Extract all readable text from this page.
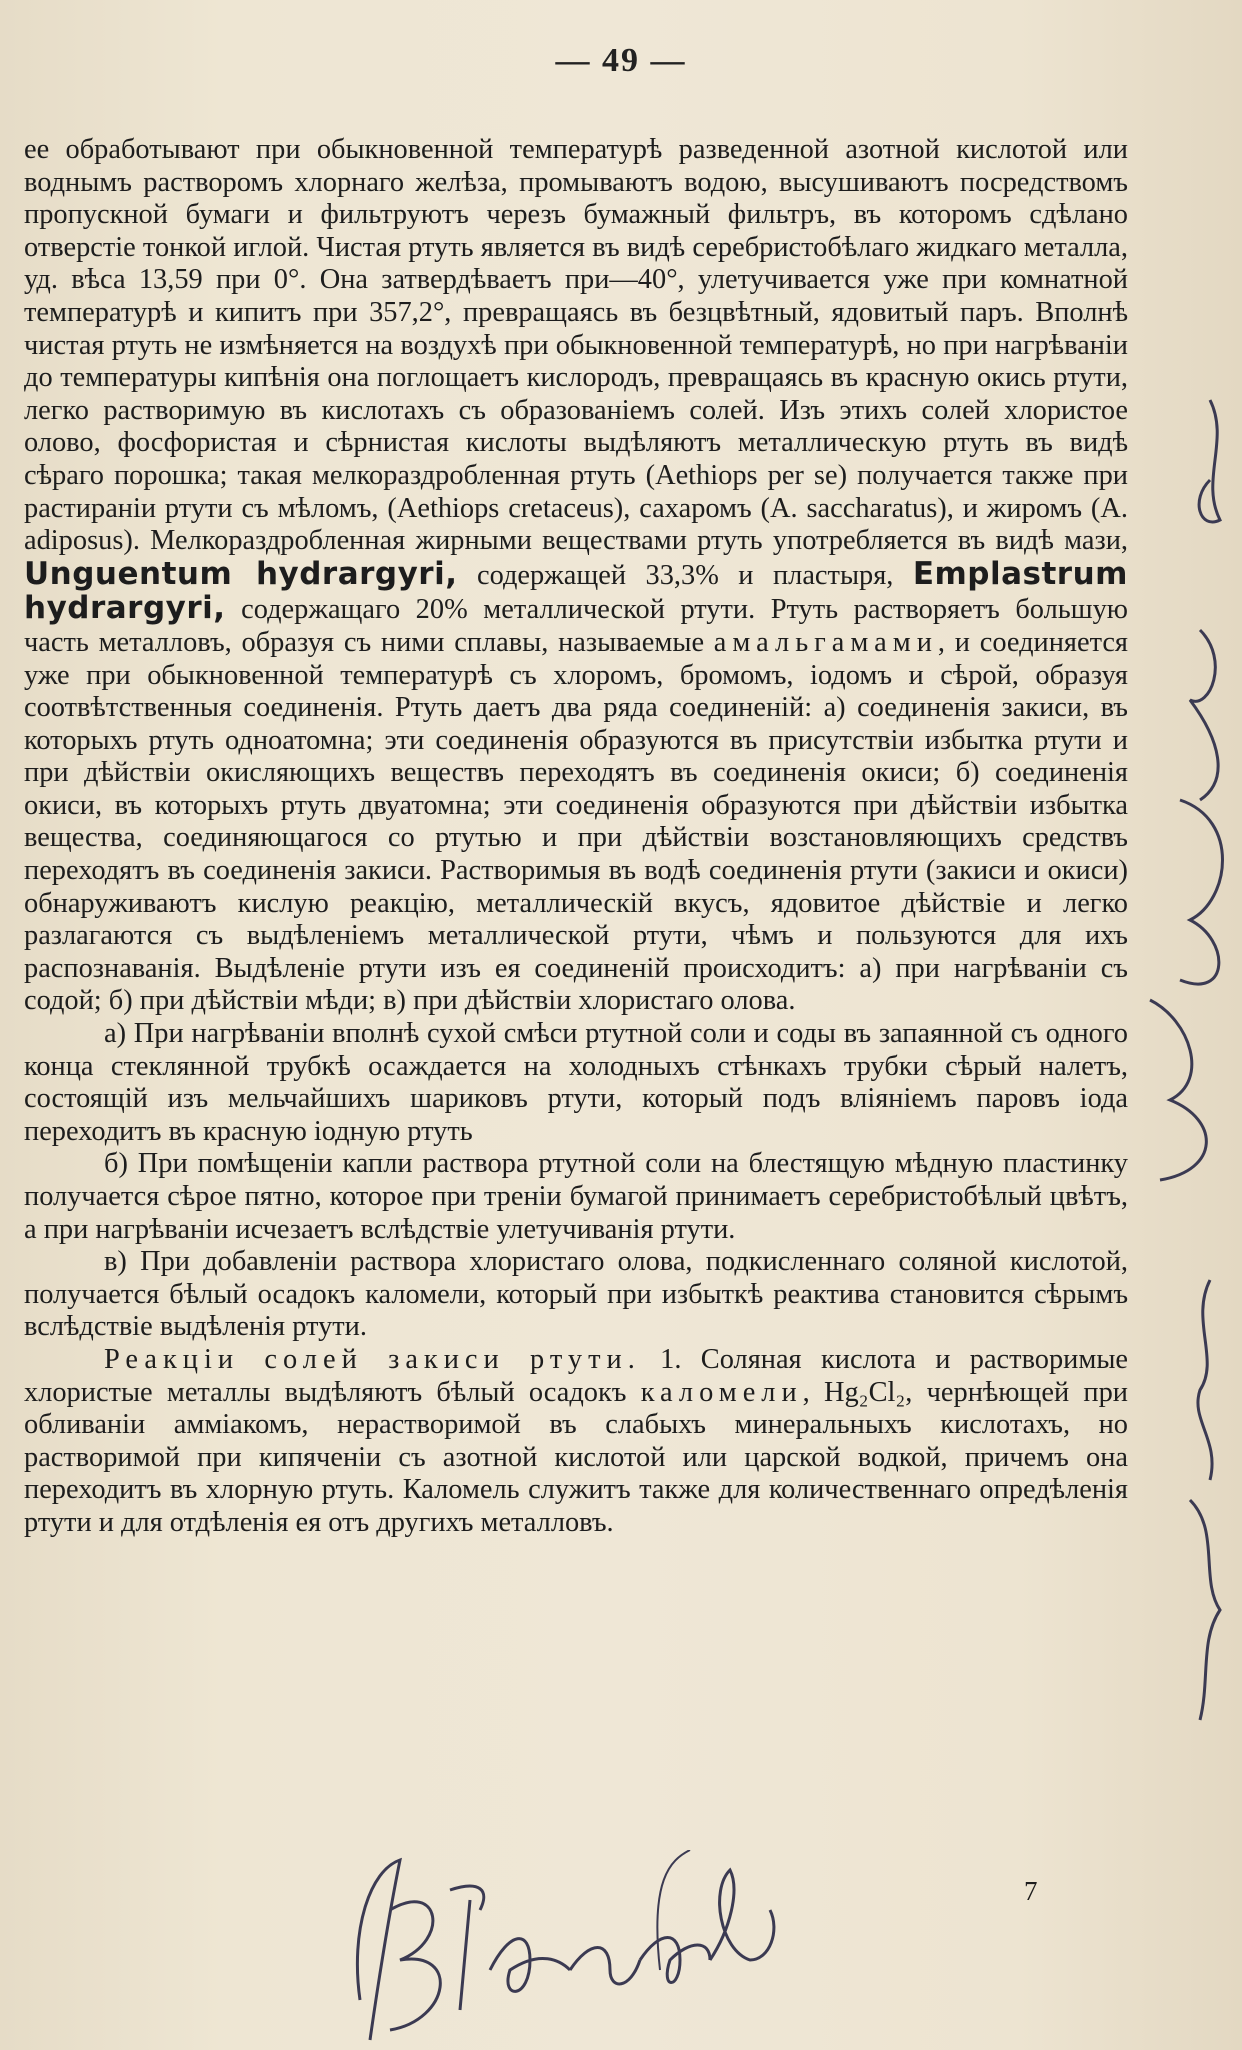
— 49 —

ее обработывают при обыкновенной температурѣ разведенной азотной кислотой или воднымъ растворомъ хлорнаго желѣза, промываютъ водою, высушиваютъ посредствомъ пропускной бумаги и фильтруютъ черезъ бумажный фильтръ, въ которомъ сдѣлано отверстіе тонкой иглой. Чистая ртуть является въ видѣ серебристобѣлаго жидкаго металла, уд. вѣса 13,59 при 0°. Она затвердѣваетъ при—40°, улетучивается уже при комнатной температурѣ и кипитъ при 357,2°, превращаясь въ безцвѣтный, ядовитый паръ. Вполнѣ чистая ртуть не измѣняется на воздухѣ при обыкновенной температурѣ, но при нагрѣваніи до температуры кипѣнія она поглощаетъ кислородъ, превращаясь въ красную окись ртути, легко растворимую въ кислотахъ съ образованіемъ солей. Изъ этихъ солей хлористое олово, фосфористая и сѣрнистая кислоты выдѣляютъ металлическую ртуть въ видѣ сѣраго порошка; такая мелкораздробленная ртуть (Aethiops per se) получается также при растираніи ртути съ мѣломъ, (Aethiops cretaceus), сахаромъ (A. saccharatus), и жиромъ (A. adiposus). Мелкораздробленная жирными веществами ртуть употребляется въ видѣ мази, Unguentum hydrargyri, содержащей 33,3% и пластыря, Emplastrum hydrargyri, содержащаго 20% металлической ртути. Ртуть растворяетъ большую часть металловъ, образуя съ ними сплавы, называемые амальгамами, и соединяется уже при обыкновенной температурѣ съ хлоромъ, бромомъ, іодомъ и сѣрой, образуя соотвѣтственныя соединенія. Ртуть даетъ два ряда соединеній: а) соединенія закиси, въ которыхъ ртуть одноатомна; эти соединенія образуются въ присутствіи избытка ртути и при дѣйствіи окисляющихъ веществъ переходятъ въ соединенія окиси; б) соединенія окиси, въ которыхъ ртуть двуатомна; эти соединенія образуются при дѣйствіи избытка вещества, соединяющагося со ртутью и при дѣйствіи возстановляющихъ средствъ переходятъ въ соединенія закиси. Растворимыя въ водѣ соединенія ртути (закиси и окиси) обнаруживаютъ кислую реакцію, металлическій вкусъ, ядовитое дѣйствіе и легко разлагаются съ выдѣленіемъ металлической ртути, чѣмъ и пользуются для ихъ распознаванія. Выдѣленіе ртути изъ ея соединеній происходитъ: а) при нагрѣваніи съ содой; б) при дѣйствіи мѣди; в) при дѣйствіи хлористаго олова.

а) При нагрѣваніи вполнѣ сухой смѣси ртутной соли и соды въ запаянной съ одного конца стеклянной трубкѣ осаждается на холодныхъ стѣнкахъ трубки сѣрый налетъ, состоящій изъ мельчайшихъ шариковъ ртути, который подъ вліяніемъ паровъ іода переходитъ въ красную іодную ртуть

б) При помѣщеніи капли раствора ртутной соли на блестящую мѣдную пластинку получается сѣрое пятно, которое при треніи бумагой принимаетъ серебристобѣлый цвѣтъ, а при нагрѣваніи исчезаетъ вслѣдствіе улетучиванія ртути.

в) При добавленіи раствора хлористаго олова, подкисленнаго соляной кислотой, получается бѣлый осадокъ каломели, который при избыткѣ реактива становится сѣрымъ вслѣдствіе выдѣленія ртути.

Реакціи солей закиси ртути. 1. Соляная кислота и растворимые хлористые металлы выдѣляютъ бѣлый осадокъ каломели, Hg₂Cl₂, чернѣющей при обливаніи аммiакомъ, нерастворимой въ слабыхъ минеральныхъ кислотахъ, но растворимой при кипяченіи съ азотной кислотой или царской водкой, причемъ она переходитъ въ хлорную ртуть. Каломель служитъ также для количественнаго опредѣленія ртути и для отдѣленія ея отъ другихъ металловъ.

7
